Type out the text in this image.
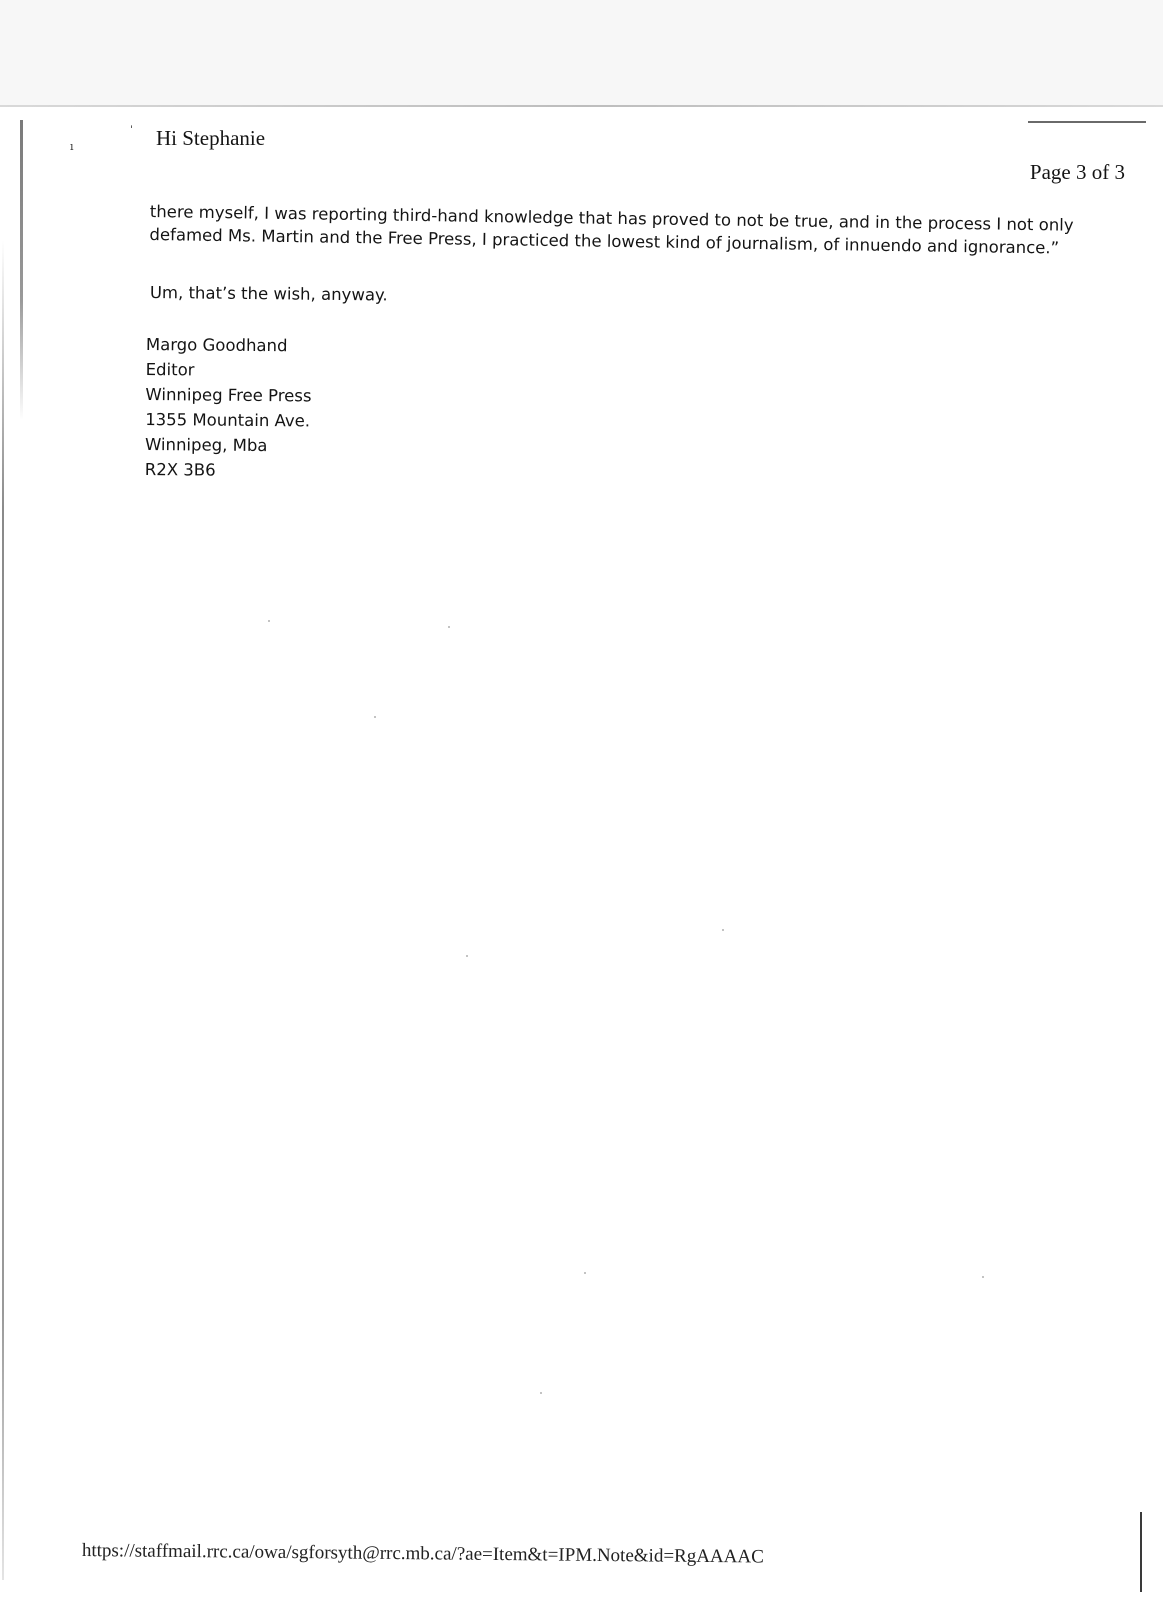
ı
ˈ Hi Stephanie
Page 3 of 3
there myself, I was reporting third-hand knowledge that has proved to not be true, and in the process I not only
defamed Ms. Martin and the Free Press, I practiced the lowest kind of journalism, of innuendo and ignorance.”
Um, that’s the wish, anyway.
Margo Goodhand
Editor
Winnipeg Free Press
1355 Mountain Ave.
Winnipeg, Mba
R2X 3B6
https://staffmail.rrc.ca/owa/sgforsyth@rrc.mb.ca/?ae=Item&t=IPM.Note&id=RgAAAAC
